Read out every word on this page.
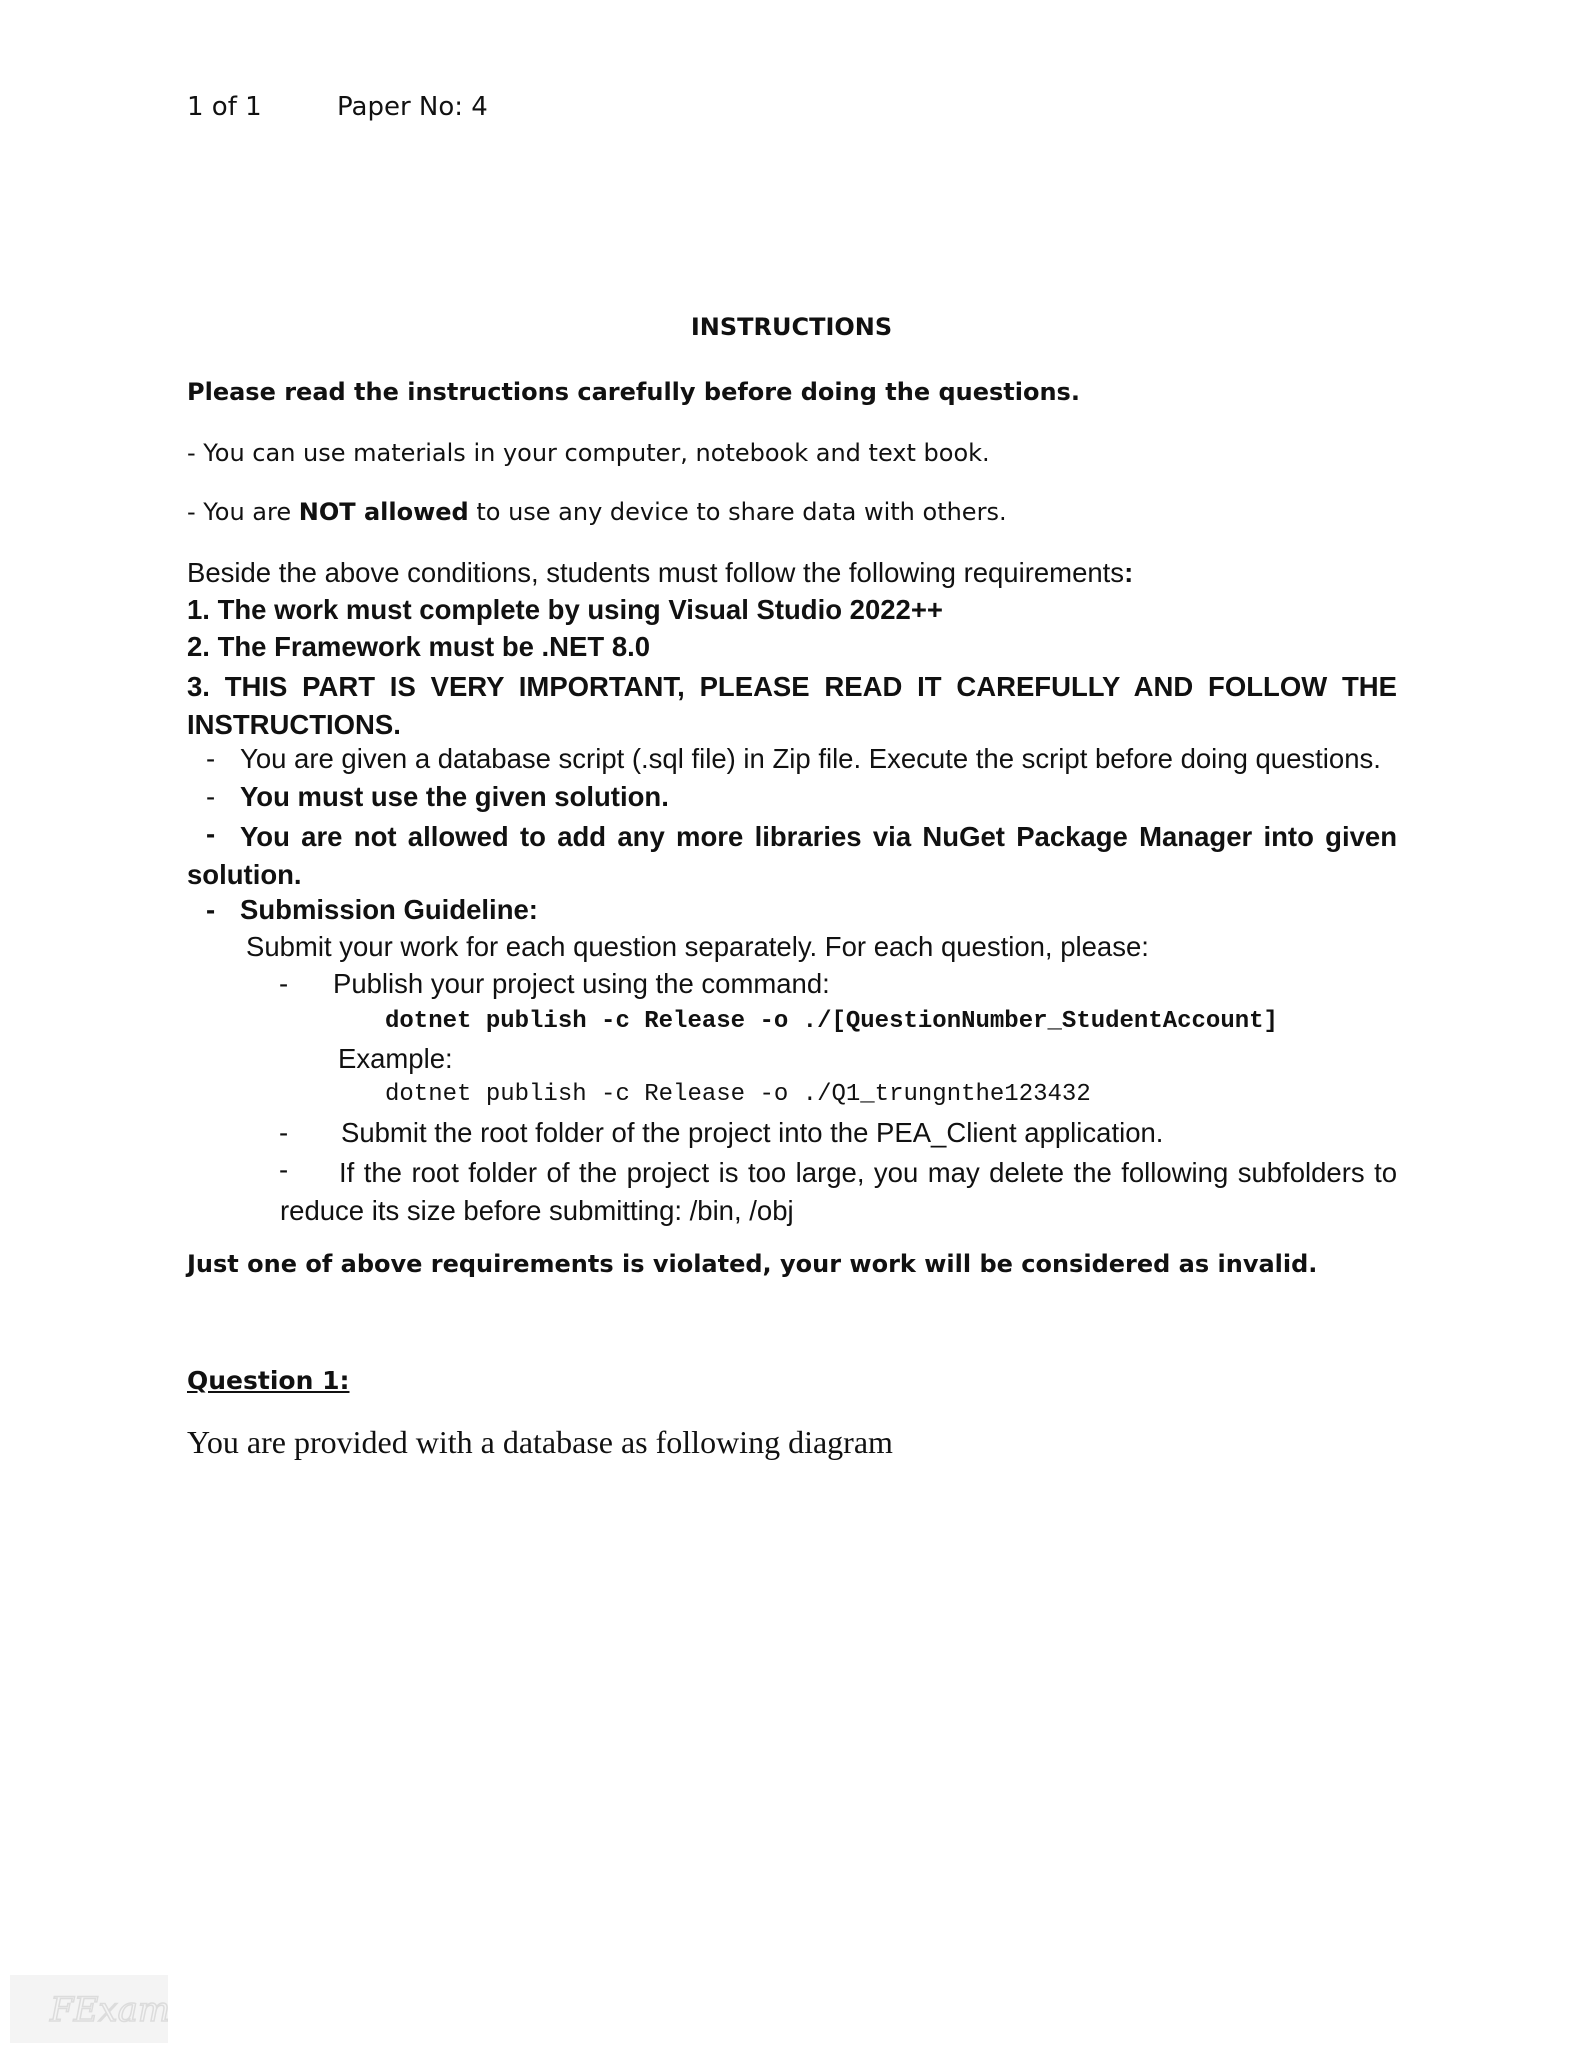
1 of 1	Paper No: 4
INSTRUCTIONS
Please read the instructions carefully before doing the questions.
- You can use materials in your computer, notebook and text book.
- You are NOT allowed to use any device to share data with others.
Beside the above conditions, students must follow the following requirements:
1. The work must complete by using Visual Studio 2022++
2. The Framework must be .NET 8.0
3. THIS PART IS VERY IMPORTANT, PLEASE READ IT CAREFULLY AND FOLLOW THE INSTRUCTIONS.
- You are given a database script (.sql file) in Zip file. Execute the script before doing questions.
- You must use the given solution.
- You are not allowed to add any more libraries via NuGet Package Manager into given solution.
- Submission Guideline:
Submit your work for each question separately. For each question, please:
- Publish your project using the command:
dotnet publish -c Release -o ./[QuestionNumber_StudentAccount]
Example:
dotnet publish -c Release -o ./Q1_trungnthe123432
- Submit the root folder of the project into the PEA_Client application.
-	If the root folder of the project is too large, you may delete the following subfolders to reduce its size before submitting: /bin, /obj
Just one of above requirements is violated, your work will be considered as invalid.
Question 1:
You are provided with a database as following diagram
FExam
